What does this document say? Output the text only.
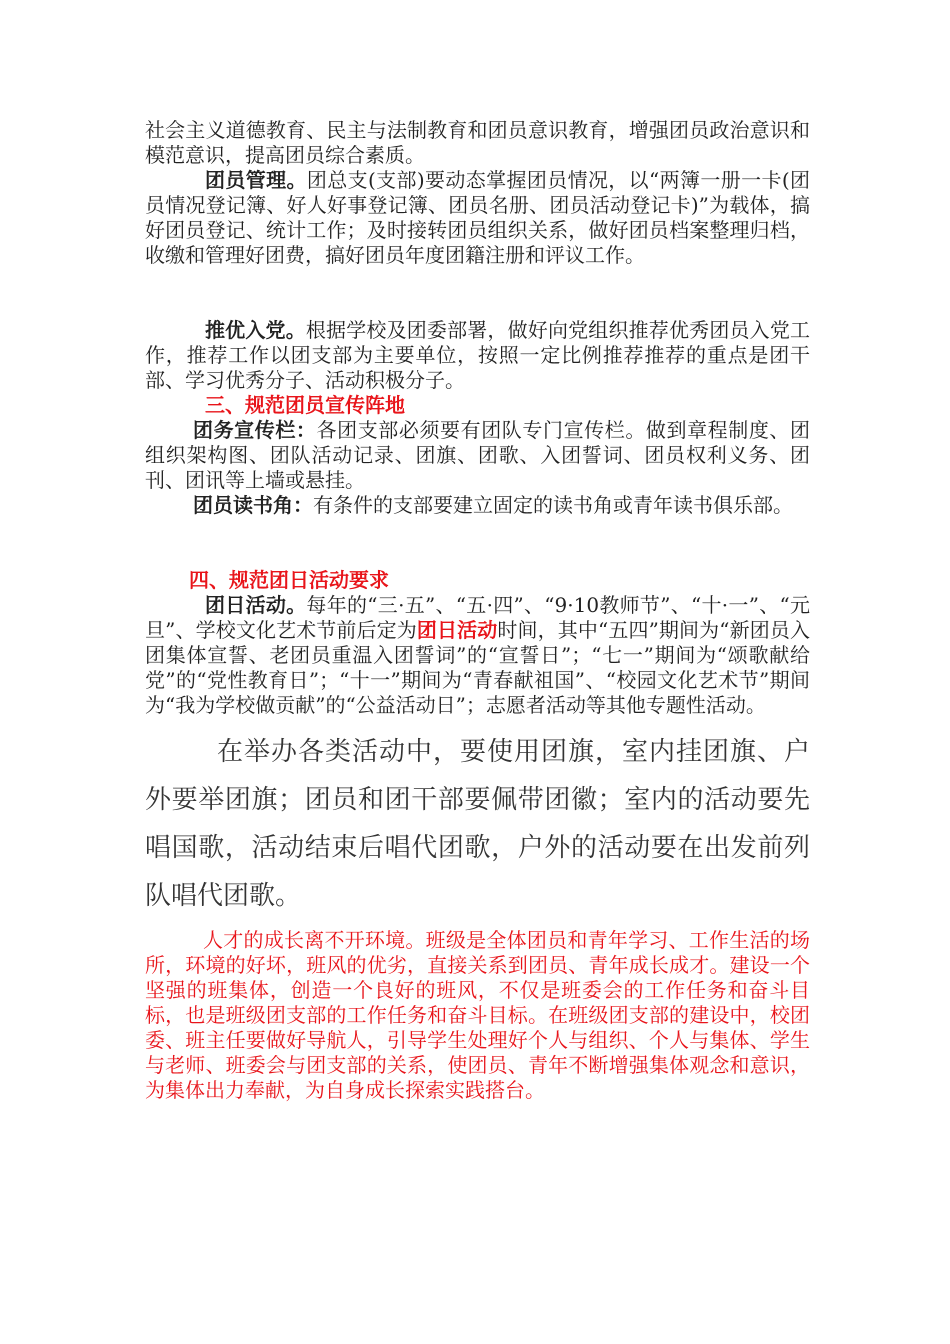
社会主义道德教育、民主与法制教育和团员意识教育，增强团员政治意识和模范意识，提高团员综合素质。

团员管理。团总支(支部)要动态掌握团员情况，以“两簿一册一卡(团员情况登记簿、好人好事登记簿、团员名册、团员活动登记卡)”为载体，搞好团员登记、统计工作；及时接转团员组织关系，做好团员档案整理归档，收缴和管理好团费，搞好团员年度团籍注册和评议工作。

推优入党。根据学校及团委部署，做好向党组织推荐优秀团员入党工作，推荐工作以团支部为主要单位，按照一定比例推荐推荐的重点是团干部、学习优秀分子、活动积极分子。

三、规范团员宣传阵地

团务宣传栏：各团支部必须要有团队专门宣传栏。做到章程制度、团组织架构图、团队活动记录、团旗、团歌、入团誓词、团员权利义务、团刊、团讯等上墙或悬挂。

团员读书角：有条件的支部要建立固定的读书角或青年读书俱乐部。

四、规范团日活动要求

团日活动。每年的“三·五”、“五·四”、“9·10教师节”、“十·一”、“元旦”、学校文化艺术节前后定为团日活动时间，其中“五四”期间为“新团员入团集体宣誓、老团员重温入团誓词”的“宣誓日”；“七一”期间为“颂歌献给党”的“党性教育日”；“十一”期间为“青春献祖国”、“校园文化艺术节”期间为“我为学校做贡献”的“公益活动日”；志愿者活动等其他专题性活动。

在举办各类活动中，要使用团旗，室内挂团旗、户外要举团旗；团员和团干部要佩带团徽；室内的活动要先唱国歌，活动结束后唱代团歌，户外的活动要在出发前列队唱代团歌。

人才的成长离不开环境。班级是全体团员和青年学习、工作生活的场所，环境的好坏，班风的优劣，直接关系到团员、青年成长成才。建设一个坚强的班集体，创造一个良好的班风，不仅是班委会的工作任务和奋斗目标，也是班级团支部的工作任务和奋斗目标。在班级团支部的建设中，校团委、班主任要做好导航人，引导学生处理好个人与组织、个人与集体、学生与老师、班委会与团支部的关系，使团员、青年不断增强集体观念和意识，为集体出力奉献，为自身成长探索实践搭台。
